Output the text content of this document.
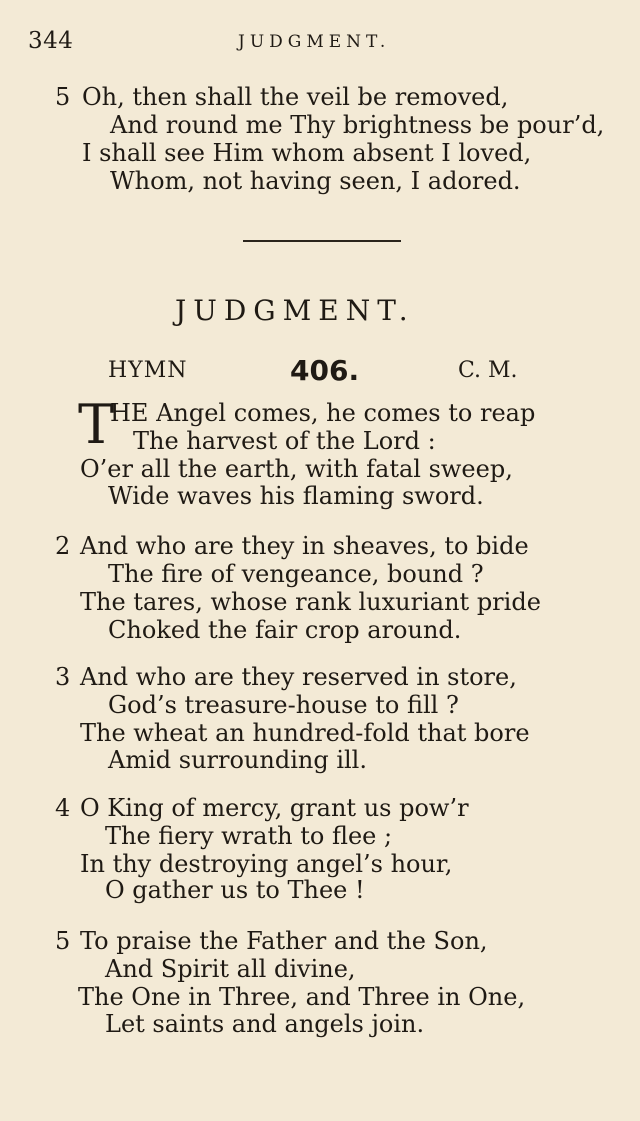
344	JUDGMENT.
5 Oh, then shall the veil be removed,
And round me Thy brightness be pour’d,
I shall see Him whom absent I loved,
Whom, not having seen, I adored.
JUDGMENT.
HYMN	406.	C. M.
T
HE Angel comes, he comes to reap
The harvest of the Lord :
O’er all the earth, with fatal sweep,
Wide waves his flaming sword.
2 And who are they in sheaves, to bide
The fire of vengeance, bound ?
The tares, whose rank luxuriant pride
Choked the fair crop around.
3 And who are they reserved in store,
God’s treasure-house to fill ?
The wheat an hundred-fold that bore
Amid surrounding ill.
4 O King of mercy, grant us pow’r
The fiery wrath to flee ;
In thy destroying angel’s hour,
O gather us to Thee !
5 To praise the Father and the Son,
And Spirit all divine,
The One in Three, and Three in One,
Let saints and angels join.
